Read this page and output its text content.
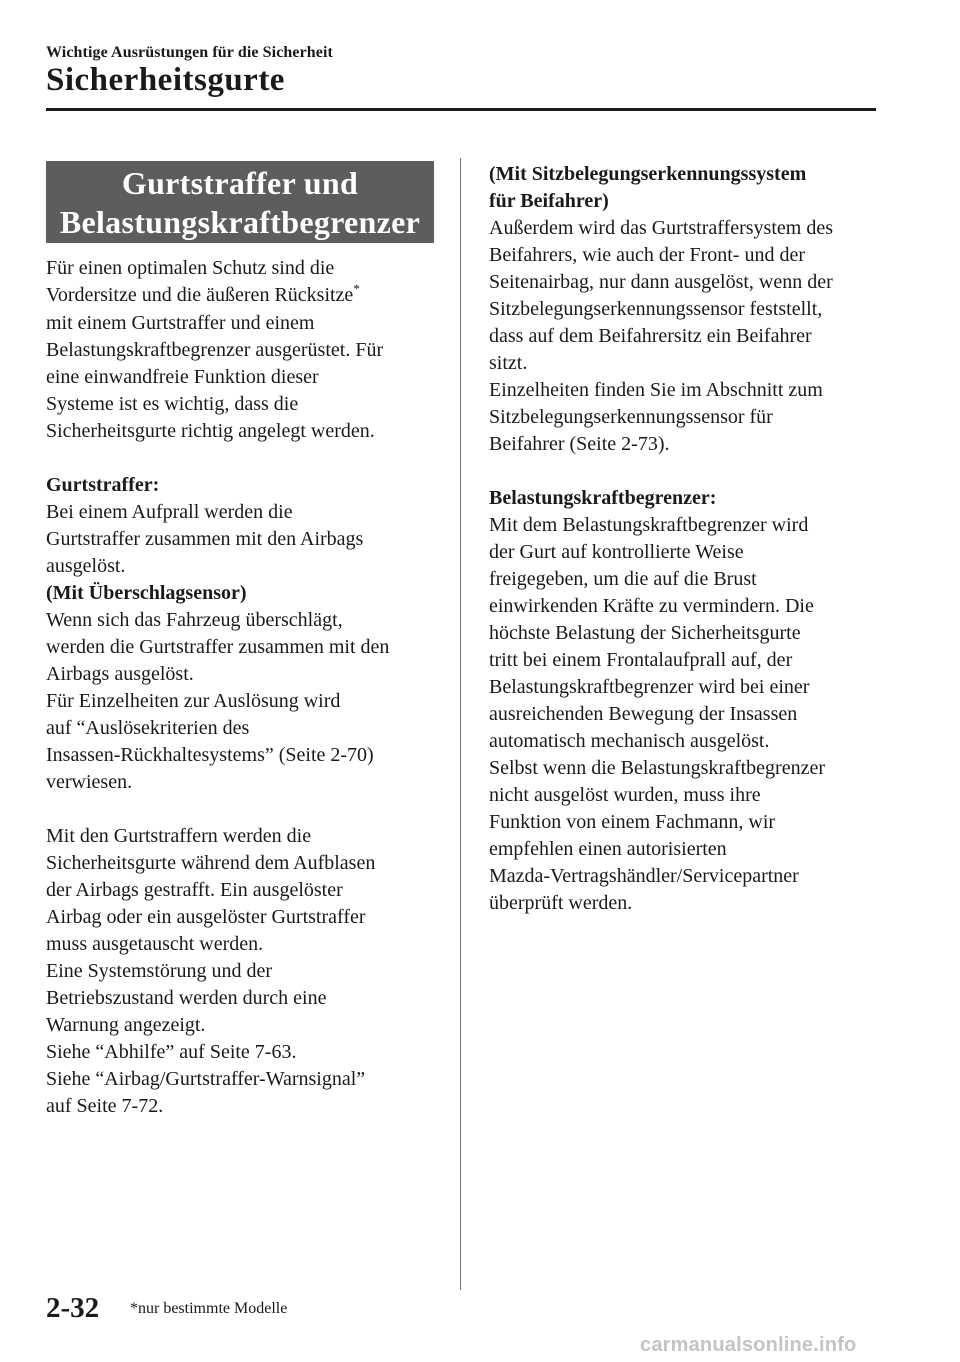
Wichtige Ausrüstungen für die Sicherheit
Sicherheitsgurte
Gurtstraffer und
Belastungskraftbegrenzer

Für einen optimalen Schutz sind die
Vordersitze und die äußeren Rücksitze*
mit einem Gurtstraffer und einem
Belastungskraftbegrenzer ausgerüstet. Für
eine einwandfreie Funktion dieser
Systeme ist es wichtig, dass die
Sicherheitsgurte richtig angelegt werden.

Gurtstraffer:

Bei einem Aufprall werden die
Gurtstraffer zusammen mit den Airbags
ausgelöst.

(Mit Überschlagsensor)

Wenn sich das Fahrzeug überschlägt,
werden die Gurtstraffer zusammen mit den
Airbags ausgelöst.
Für Einzelheiten zur Auslösung wird
auf “Auslösekriterien des
Insassen-Rückhaltesystems” (Seite 2-70)
verwiesen.

Mit den Gurtstraffern werden die
Sicherheitsgurte während dem Aufblasen
der Airbags gestrafft. Ein ausgelöster
Airbag oder ein ausgelöster Gurtstraffer
muss ausgetauscht werden.
Eine Systemstörung und der
Betriebszustand werden durch eine
Warnung angezeigt.
Siehe “Abhilfe” auf Seite 7-63.
Siehe “Airbag/Gurtstraffer-Warnsignal”
auf Seite 7-72.

(Mit Sitzbelegungserkennungssystem
für Beifahrer)

Außerdem wird das Gurtstraffersystem des
Beifahrers, wie auch der Front- und der
Seitenairbag, nur dann ausgelöst, wenn der
Sitzbelegungserkennungssensor feststellt,
dass auf dem Beifahrersitz ein Beifahrer
sitzt.
Einzelheiten finden Sie im Abschnitt zum
Sitzbelegungserkennungssensor für
Beifahrer (Seite 2-73).

Belastungskraftbegrenzer:

Mit dem Belastungskraftbegrenzer wird
der Gurt auf kontrollierte Weise
freigegeben, um die auf die Brust
einwirkenden Kräfte zu vermindern. Die
höchste Belastung der Sicherheitsgurte
tritt bei einem Frontalaufprall auf, der
Belastungskraftbegrenzer wird bei einer
ausreichenden Bewegung der Insassen
automatisch mechanisch ausgelöst.
Selbst wenn die Belastungskraftbegrenzer
nicht ausgelöst wurden, muss ihre
Funktion von einem Fachmann, wir
empfehlen einen autorisierten
Mazda-Vertragshändler/Servicepartner
überprüft werden.

2-32 *nur bestimmte Modelle
carmanualsonline.info
